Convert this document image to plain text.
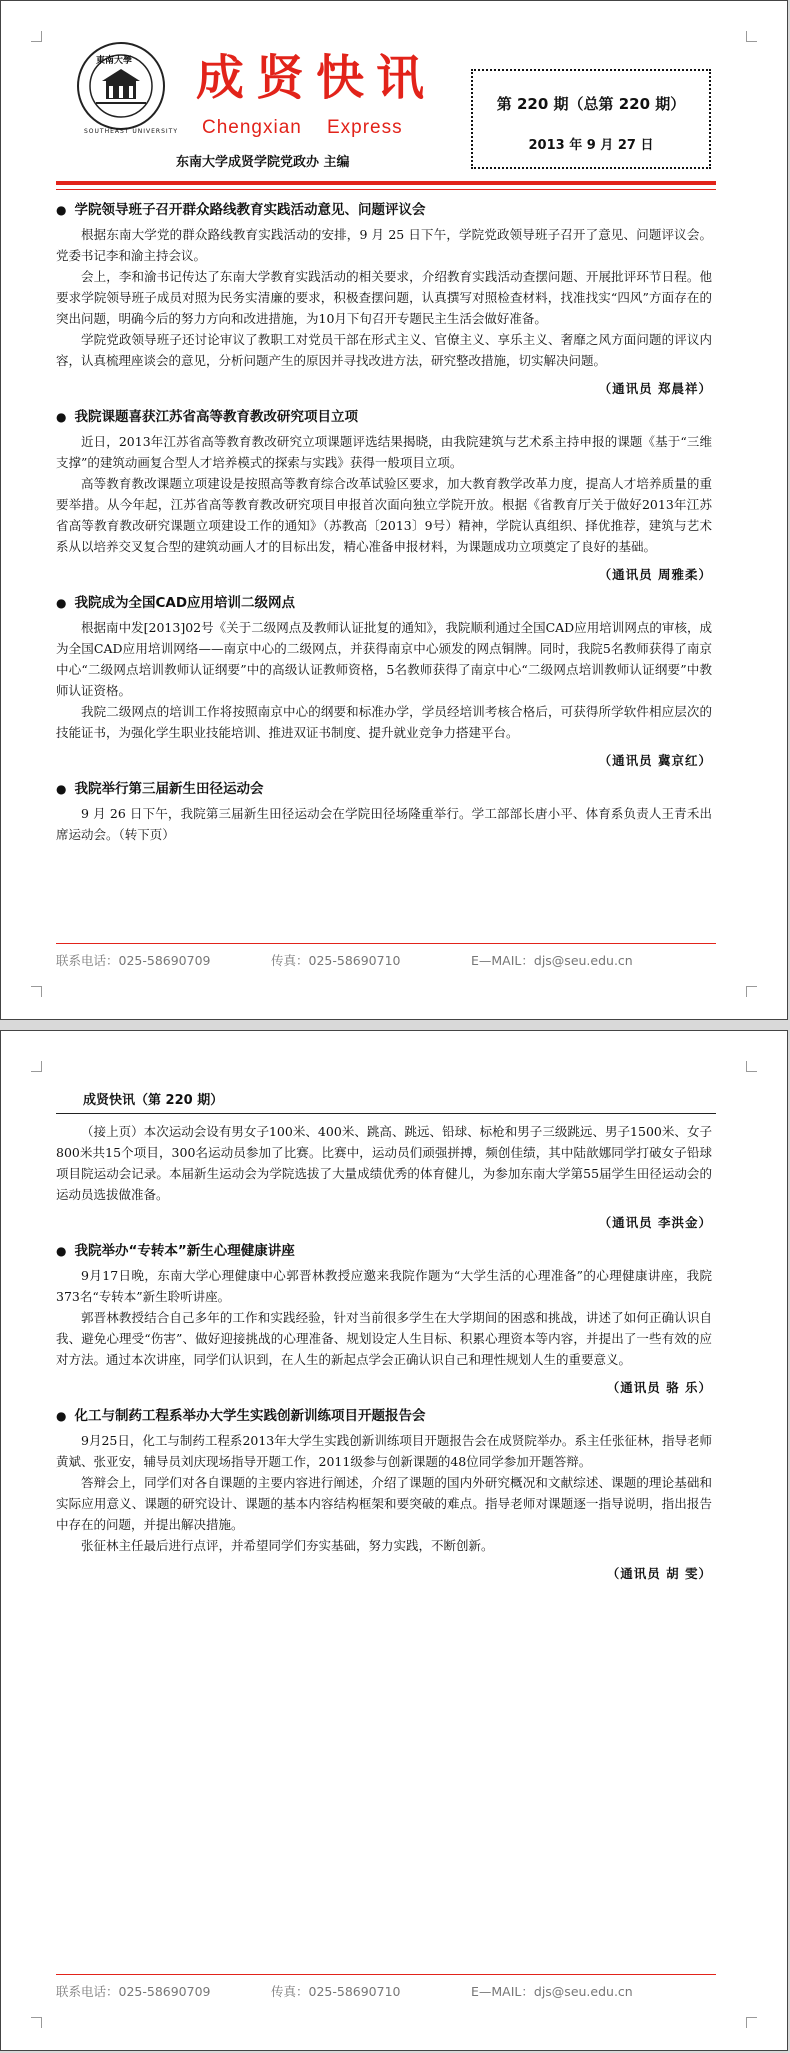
東南大學
SOUTHEAST UNIVERSITY
成贤快讯
Chengxian    Express
东南大学成贤学院党政办 主编
第 220 期（总第 220 期）
2013 年 9 月 27 日
● 学院领导班子召开群众路线教育实践活动意见、问题评议会

根据东南大学党的群众路线教育实践活动的安排，9 月 25 日下午，学院党政领导班子召开了意见、问题评议会。党委书记李和渝主持会议。

会上，李和渝书记传达了东南大学教育实践活动的相关要求，介绍教育实践活动查摆问题、开展批评环节日程。他要求学院领导班子成员对照为民务实清廉的要求，积极查摆问题，认真撰写对照检查材料，找准找实“四风”方面存在的突出问题，明确今后的努力方向和改进措施，为10月下旬召开专题民主生活会做好准备。

学院党政领导班子还讨论审议了教职工对党员干部在形式主义、官僚主义、享乐主义、奢靡之风方面问题的评议内容，认真梳理座谈会的意见，分析问题产生的原因并寻找改进方法，研究整改措施，切实解决问题。

（通讯员 郑晨祥）
● 我院课题喜获江苏省高等教育教改研究项目立项

近日，2013年江苏省高等教育教改研究立项课题评选结果揭晓，由我院建筑与艺术系主持申报的课题《基于“三维支撑”的建筑动画复合型人才培养模式的探索与实践》获得一般项目立项。

高等教育教改课题立项建设是按照高等教育综合改革试验区要求，加大教育教学改革力度，提高人才培养质量的重要举措。从今年起，江苏省高等教育教改研究项目申报首次面向独立学院开放。根据《省教育厅关于做好2013年江苏省高等教育教改研究课题立项建设工作的通知》（苏教高〔2013〕9号）精神，学院认真组织、择优推荐，建筑与艺术系从以培养交叉复合型的建筑动画人才的目标出发，精心准备申报材料，为课题成功立项奠定了良好的基础。

（通讯员 周雅柔）
● 我院成为全国CAD应用培训二级网点

根据南中发[2013]02号《关于二级网点及教师认证批复的通知》，我院顺利通过全国CAD应用培训网点的审核，成为全国CAD应用培训网络——南京中心的二级网点，并获得南京中心颁发的网点铜牌。同时，我院5名教师获得了南京中心“二级网点培训教师认证纲要”中的高级认证教师资格，5名教师获得了南京中心“二级网点培训教师认证纲要”中教师认证资格。

我院二级网点的培训工作将按照南京中心的纲要和标准办学，学员经培训考核合格后，可获得所学软件相应层次的技能证书，为强化学生职业技能培训、推进双证书制度、提升就业竞争力搭建平台。

（通讯员 冀京红）
● 我院举行第三届新生田径运动会

9 月 26 日下午，我院第三届新生田径运动会在学院田径场隆重举行。学工部部长唐小平、体育系负责人王青禾出席运动会。（转下页）

联系电话：025-58690709	传真：025-58690710	E—MAIL：djs@seu.edu.cn
成贤快讯（第 220 期）

（接上页）本次运动会设有男女子100米、400米、跳高、跳远、铅球、标枪和男子三级跳远、男子1500米、女子800米共15个项目，300名运动员参加了比赛。比赛中，运动员们顽强拼搏，频创佳绩，其中陆歆娜同学打破女子铅球项目院运动会记录。本届新生运动会为学院选拔了大量成绩优秀的体育健儿，为参加东南大学第55届学生田径运动会的运动员选拔做准备。

（通讯员 李洪金）
● 我院举办“专转本”新生心理健康讲座

9月17日晚，东南大学心理健康中心郭晋林教授应邀来我院作题为“大学生活的心理准备”的心理健康讲座，我院373名“专转本”新生聆听讲座。

郭晋林教授结合自己多年的工作和实践经验，针对当前很多学生在大学期间的困惑和挑战，讲述了如何正确认识自我、避免心理受“伤害”、做好迎接挑战的心理准备、规划设定人生目标、积累心理资本等内容，并提出了一些有效的应对方法。通过本次讲座，同学们认识到，在人生的新起点学会正确认识自己和理性规划人生的重要意义。

（通讯员 骆 乐）
● 化工与制药工程系举办大学生实践创新训练项目开题报告会

9月25日，化工与制药工程系2013年大学生实践创新训练项目开题报告会在成贤院举办。系主任张征林，指导老师黄斌、张亚安，辅导员刘庆现场指导开题工作，2011级参与创新课题的48位同学参加开题答辩。

答辩会上，同学们对各自课题的主要内容进行阐述，介绍了课题的国内外研究概况和文献综述、课题的理论基础和实际应用意义、课题的研究设计、课题的基本内容结构框架和要突破的难点。指导老师对课题逐一指导说明，指出报告中存在的问题，并提出解决措施。

张征林主任最后进行点评，并希望同学们夯实基础，努力实践，不断创新。

（通讯员 胡 雯）
联系电话：025-58690709	传真：025-58690710	E—MAIL：djs@seu.edu.cn
